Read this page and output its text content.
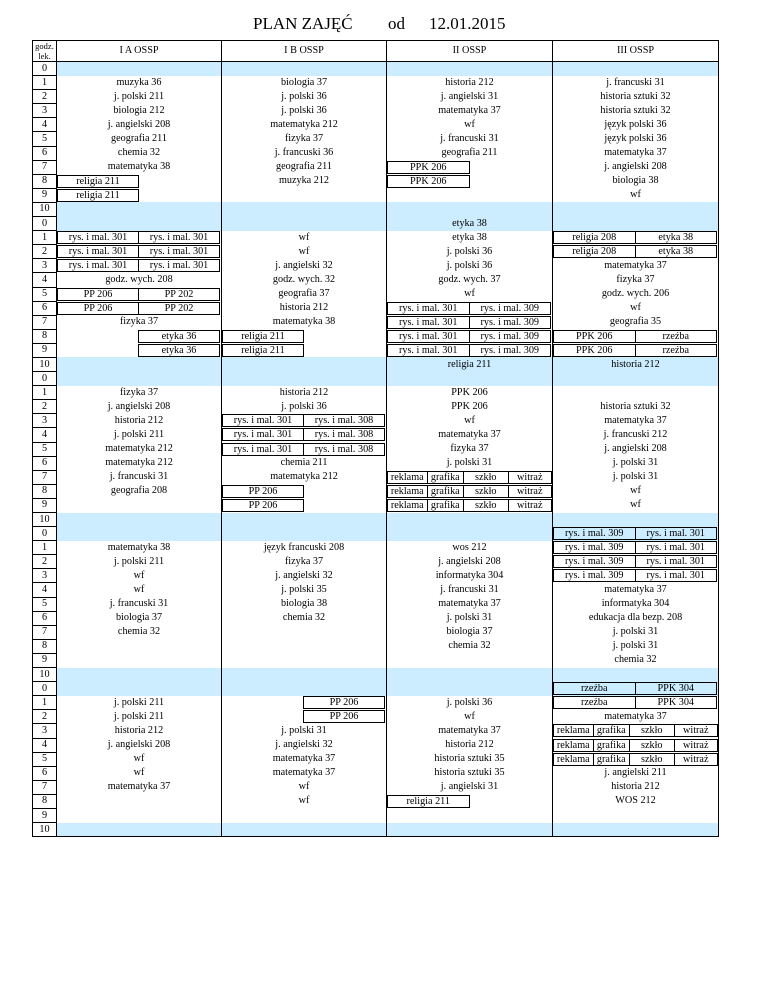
PLAN ZAJĘĆ od 12.01.2015
godz.
lek.	I A OSSP	I B OSSP	II OSSP	III OSSP
0				
1	muzyka 36	biologia 37	historia 212	j. francuski 31
2	j. polski 211	j. polski 36	j. angielski 31	historia sztuki 32
3	biologia 212	j. polski 36	matematyka 37	historia sztuki 32
4	j. angielski 208	matematyka 212	wf	język polski 36
5	geografia 211	fizyka 37	j. francuski 31	język polski 36
6	chemia 32	j. francuski 36	geografia 211	matematyka 37
7	matematyka 38	geografia 211	PPK 206	j. angielski 208
8	religia 211	muzyka 212	PPK 206	biologia 38
9	religia 211			wf
10				
0			etyka 38	
1	rys. i mal. 301 rys. i mal. 301	wf	etyka 38	religia 208 etyka 38

2	rys. i mal. 301 rys. i mal. 301	wf	j. polski 36	religia 208 etyka 38

3	rys. i mal. 301 rys. i mal. 301	j. angielski 32	j. polski 36	matematyka 37
4	godz. wych. 208	godz. wych. 32	godz. wych. 37	fizyka 37
5	PP 206 PP 202	geografia 37	wf	godz. wych. 206
6	PP 206 PP 202	historia 212	rys. i mal. 301 rys. i mal. 309	wf
7	fizyka 37	matematyka 38	rys. i mal. 301 rys. i mal. 309	geografia 35
8	etyka 36	religia 211	rys. i mal. 301 rys. i mal. 309	PPK 206 rzeźba

9	etyka 36	religia 211	rys. i mal. 301 rys. i mal. 309	PPK 206 rzeźba

10			religia 211	historia 212
0				
1	fizyka 37	historia 212	PPK 206	
2	j. angielski 208	j. polski 36	PPK 206	historia sztuki 32
3	historia 212	rys. i mal. 301 rys. i mal. 308	wf	matematyka 37
4	j. polski 211	rys. i mal. 301 rys. i mal. 308	matematyka 37	j. francuski 212
5	matematyka 212	rys. i mal. 301 rys. i mal. 308	fizyka 37	j. angielski 208
6	matematyka 212	chemia 211	j. polski 31	j. polski 31
7	j. francuski 31	matematyka 212	reklama grafika szkło witraż	j. polski 31
8	geografia 208	PP 206	reklama grafika szkło witraż	wf
9		PP 206	reklama grafika szkło witraż	wf
10				
0				rys. i mal. 309 rys. i mal. 301

1	matematyka 38	język francuski 208	wos 212	rys. i mal. 309 rys. i mal. 301

2	j. polski 211	fizyka 37	j. angielski 208	rys. i mal. 309 rys. i mal. 301

3	wf	j. angielski 32	informatyka 304	rys. i mal. 309 rys. i mal. 301

4	wf	j. polski 35	j. francuski 31	matematyka 37
5	j. francuski 31	biologia 38	matematyka 37	informatyka 304
6	biologia 37	chemia 32	j. polski 31	edukacja dla bezp. 208
7	chemia 32		biologia 37	j. polski 31
8			chemia 32	j. polski 31
9				chemia 32
10				
0				rzeźba PPK 304

1	j. polski 211	PP 206	j. polski 36	rzeźba PPK 304

2	j. polski 211	PP 206	wf	matematyka 37
3	historia 212	j. polski 31	matematyka 37	reklama grafika szkło witraż

4	j. angielski 208	j. angielski 32	historia 212	reklama grafika szkło witraż

5	wf	matematyka 37	historia sztuki 35	reklama grafika szkło witraż

6	wf	matematyka 37	historia sztuki 35	j. angielski 211
7	matematyka 37	wf	j. angielski 31	historia 212
8		wf	religia 211	WOS 212
9				
10				
